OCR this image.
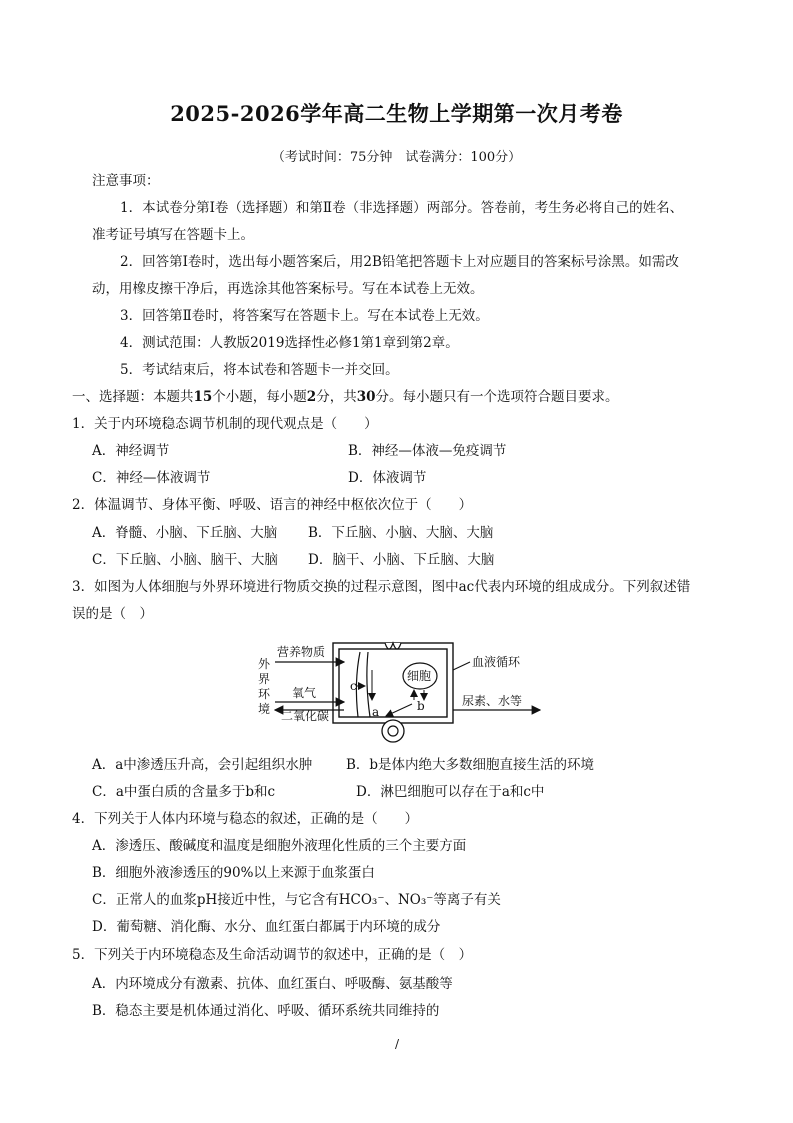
2025-2026学年高二生物上学期第一次月考卷
（考试时间：75分钟　试卷满分：100分）
注意事项：
1．本试卷分第Ⅰ卷（选择题）和第Ⅱ卷（非选择题）两部分。答卷前，考生务必将自己的姓名、
准考证号填写在答题卡上。
2．回答第Ⅰ卷时，选出每小题答案后，用2B铅笔把答题卡上对应题目的答案标号涂黑。如需改
动，用橡皮擦干净后，再选涂其他答案标号。写在本试卷上无效。
3．回答第Ⅱ卷时，将答案写在答题卡上。写在本试卷上无效。
4．测试范围：人教版2019选择性必修1第1章到第2章。
5．考试结束后，将本试卷和答题卡一并交回。
一、选择题：本题共15个小题，每小题2分，共30分。每小题只有一个选项符合题目要求。
1．关于内环境稳态调节机制的现代观点是（　　）
A．神经调节	B．神经—体液—免疫调节
C．神经—体液调节	D．体液调节
2．体温调节、身体平衡、呼吸、语言的神经中枢依次位于（　　）
A．脊髓、小脑、下丘脑、大脑 B．下丘脑、小脑、大脑、大脑
C．下丘脑、小脑、脑干、大脑 D．脑干、小脑、下丘脑、大脑
3．如图为人体细胞与外界环境进行物质交换的过程示意图，图中ac代表内环境的组成成分。下列叙述错
误的是（　）
外
界
环
境
营养物质
氧气
二氧化碳
c
细胞
b
a
血液循环
尿素、水等
A．a中渗透压升高，会引起组织水肿 B．b是体内绝大多数细胞直接生活的环境
C．a中蛋白质的含量多于b和c	D．淋巴细胞可以存在于a和c中
4．下列关于人体内环境与稳态的叙述，正确的是（　　）
A．渗透压、酸碱度和温度是细胞外液理化性质的三个主要方面
B．细胞外液渗透压的90%以上来源于血浆蛋白
C．正常人的血浆pH接近中性，与它含有HCO₃⁻、NO₃⁻等离子有关
D．葡萄糖、消化酶、水分、血红蛋白都属于内环境的成分
5．下列关于内环境稳态及生命活动调节的叙述中，正确的是（　）
A．内环境成分有激素、抗体、血红蛋白、呼吸酶、氨基酸等
B．稳态主要是机体通过消化、呼吸、循环系统共同维持的
/
